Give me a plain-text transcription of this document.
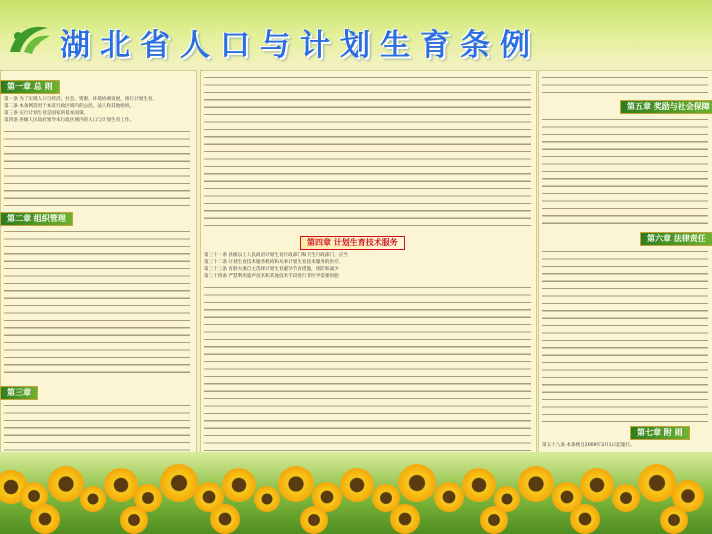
湖北省人口与计划生育条例
第一章 总 则
第一条 为了实现人口与经济、社会、资源、环境协调发展，推行计划生育，
第二条 本条例适用于本省行政区域内的公民、法人和其他组织。
第三条 实行计划生育是国家的基本国策。
第四条 各级人民政府领导本行政区域内的人口与计划生育工作。
第二章 组织管理
第三章
第四章 计划生育技术服务
第三十一条 县级以上人民政府计划生育行政部门和卫生行政部门，应当
第三十二条 计划生育技术服务机构和从事计划生育技术服务的医疗、
第三十三条 育龄夫妻自主选择计划生育避孕节育措施，预防和减少
第三十四条 严禁利用超声技术和其他技术手段进行非医学需要的胎
第五章 奖励与社会保障
第六章 法律责任
第七章 附 则
第五十八条 本条例自2009年3月1日起施行。
